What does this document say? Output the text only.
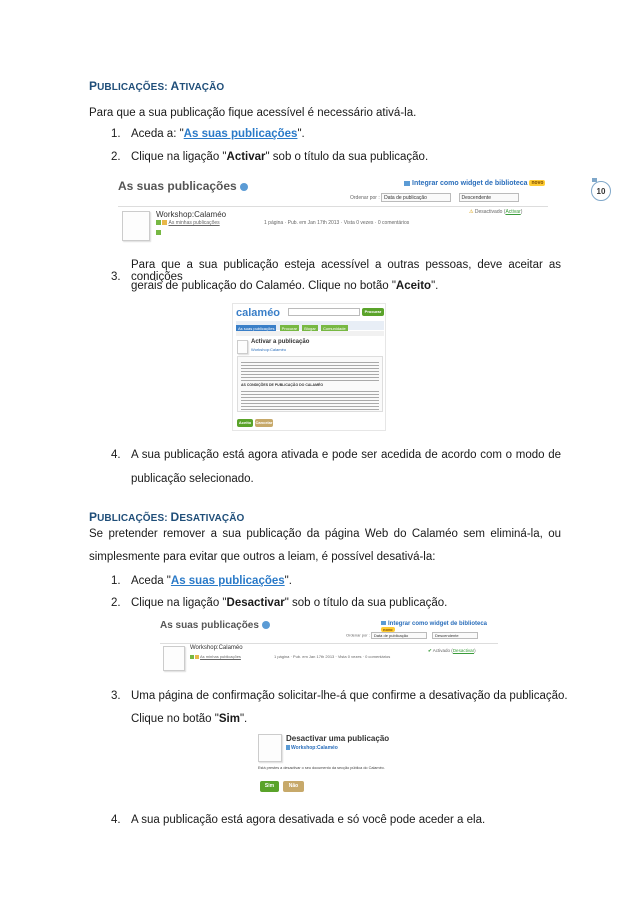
10
PUBLICAÇÕES: ATIVAÇÃO
Para que a sua publicação fique acessível é necessário ativá-la.
1. Aceda a: "As suas publicações".
2. Clique na ligação "Activar" sob o título da sua publicação.
As suas publicações	Integrar como widget de biblioteca novo
Ordenar por : Data de publicação	Descendente
Workshop:Calaméo
1 página · Pub. em Jan 17th 2013 · Vista 0 vezes · 0 comentários
As minhas publicações
⚠ Desactivado (Activar)
3.Para que a sua publicação esteja acessível a outras pessoas, deve aceitar as condições
gerais de publicação do Calaméo. Clique no botão "Aceito".
calaméo	Procurar
As suas publicações Procurar Blogar Comunidade
Activar a publicação
Workshop:Calaméo
AS CONDIÇÕES DE PUBLICAÇÃO DO CALAMÉO
Aceito	Cancelar
4. A sua publicação está agora ativada e pode ser acedida de acordo com o modo de
publicação selecionado.
PUBLICAÇÕES: DESATIVAÇÃO
Se pretender remover a sua publicação da página Web do Calaméo sem eliminá-la, ou
simplesmente para evitar que outros a leiam, é possível desativá-la:
1. Aceda "As suas publicações".
2. Clique na ligação "Desactivar" sob o título da sua publicação.
As suas publicações	Integrar como widget de biblioteca novo
Ordenar por : Data de publicação	Descendente
Workshop:Calaméo
1 página · Pub. em Jan 17th 2013 · Vista 0 vezes · 0 comentários
As minhas publicações
✔ Activado (Desactivar)
3. Uma página de confirmação solicitar-lhe-á que confirme a desativação da publicação.
Clique no botão "Sim".
Desactivar uma publicação
Workshop:Calaméo
Está prestes a desactivar o seu documento da secção pública do Calaméo.
Sim	Não
4. A sua publicação está agora desativada e só você pode aceder a ela.
